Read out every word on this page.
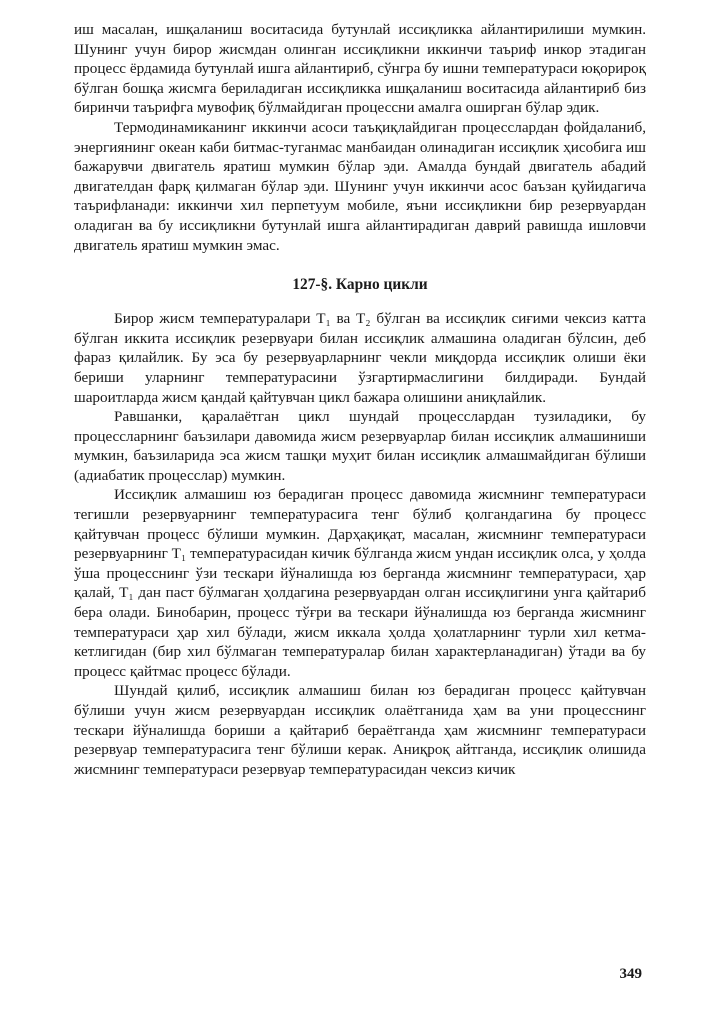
иш масалан, ишқаланиш воситасида бутунлай иссиқликка айлантирилиши мумкин. Шунинг учун бирор жисмдан олинган иссиқликни иккинчи таъриф инкор этадиган процесс ёрдамида бутунлай ишга айлантириб, сўнгра бу ишни температураси юқорироқ бўлган бошқа жисмга бериладиган иссиқликка ишқаланиш воситасида айлантириб биз биринчи таърифга мувофиқ бўлмайдиган процессни амалга оширган бўлар эдик.

Термодинамиканинг иккинчи асоси таъқиқлайдиган процесслардан фойдаланиб, энергиянинг океан каби битмас-туганмас манбаидан олинадиган иссиқлик ҳисобига иш бажарувчи двигатель яратиш мумкин бўлар эди. Амалда бундай двигатель абадий двигателдан фарқ қилмаган бўлар эди. Шунинг учун иккинчи асос баъзан қуйидагича таърифланади: иккинчи хил перпетуум мобиле, яъни иссиқликни бир резервуардан оладиган ва бу иссиқликни бутунлай ишга айлантирадиган даврий равишда ишловчи двигатель яратиш мумкин эмас.

127-§. Карно цикли

Бирор жисм температуралари T₁ ва T₂ бўлган ва иссиқлик сиғими чексиз катта бўлган иккита иссиқлик резервуари билан иссиқлик алмашина оладиган бўлсин, деб фараз қилайлик. Бу эса бу резервуарларнинг чекли миқдорда иссиқлик олиши ёки бериши уларнинг температурасини ўзгартирмаслигини билдиради. Бундай шароитларда жисм қандай қайтувчан цикл бажара олишини аниқлайлик.

Равшанки, қаралаётган цикл шундай процесслардан тузиладики, бу процессларнинг баъзилари давомида жисм резервуарлар билан иссиқлик алмашиниши мумкин, баъзиларида эса жисм ташқи муҳит билан иссиқлик алмашмайдиган бўлиши (адиабатик процесслар) мумкин.

Иссиқлик алмашиш юз берадиган процесс давомида жисмнинг температураси тегишли резервуарнинг температурасига тенг бўлиб қолгандагина бу процесс қайтувчан процесс бўлиши мумкин. Дарҳақиқат, масалан, жисмнинг температураси резервуарнинг T₁ температурасидан кичик бўлганда жисм ундан иссиқлик олса, у ҳолда ўша процесснинг ўзи тескари йўналишда юз берганда жисмнинг температураси, ҳар қалай, T₁ дан паст бўлмаган ҳолдагина резервуардан олган иссиқлигини унга қайтариб бера олади. Бинобарин, процесс тўғри ва тескари йўналишда юз берганда жисмнинг температураси ҳар хил бўлади, жисм иккала ҳолда ҳолатларнинг турли хил кетма-кетлигидан (бир хил бўлмаган температуралар билан характерланадиган) ўтади ва бу процесс қайтмас процесс бўлади.

Шундай қилиб, иссиқлик алмашиш билан юз берадиган процесс қайтувчан бўлиши учун жисм резервуардан иссиқлик олаётганида ҳам ва уни процесснинг тескари йўналишда бориши а қайтариб бераётганда ҳам жисмнинг температураси резервуар температурасига тенг бўлиши керак. Аниқроқ айтганда, иссиқлик олишида жисмнинг температураси резервуар температурасидан чексиз кичик

349
